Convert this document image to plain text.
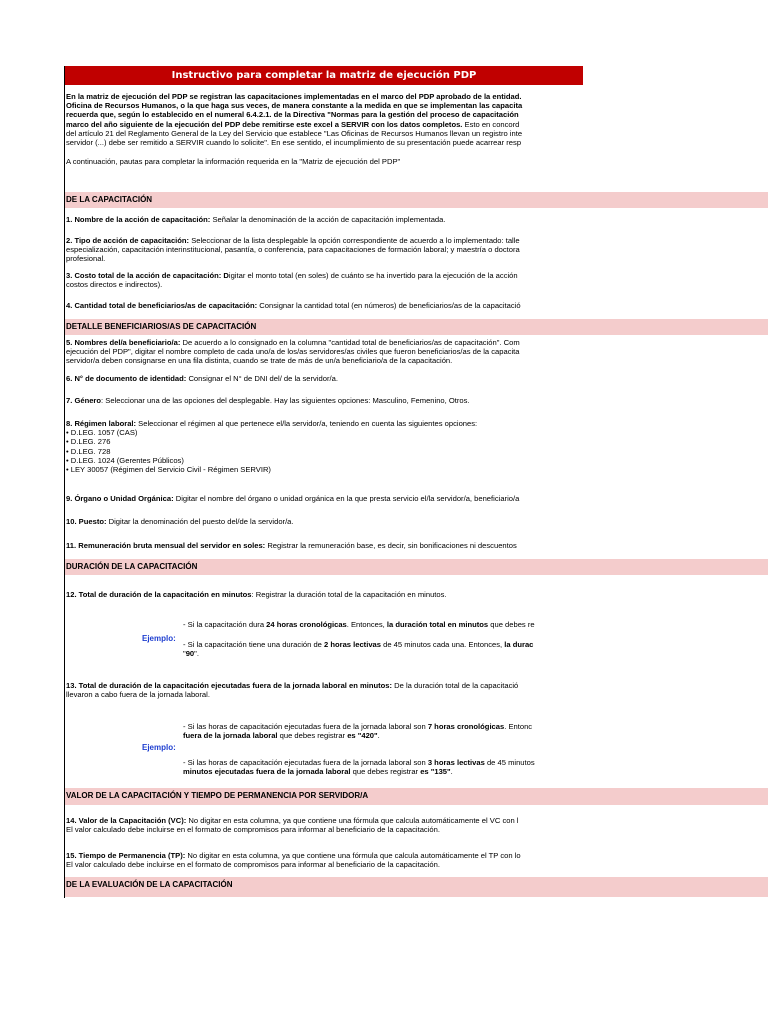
Instructivo para completar la matriz de ejecución PDP

En la matriz de ejecución del PDP se registran las capacitaciones implementadas en el marco del PDP aprobado de la entidad.

Oficina de Recursos Humanos, o la que haga sus veces, de manera constante a la medida en que se implementan las capacita

recuerda que, según lo establecido en el numeral 6.4.2.1. de la Directiva "Normas para la gestión del proceso de capacitación

marco del año siguiente de la ejecución del PDP debe remitirse este excel a SERVIR con los datos completos. Esto en concord

del artículo 21 del Reglamento General de la Ley del Servicio que establece "Las Oficinas de Recursos Humanos llevan un registro inte

servidor (...) debe ser remitido a SERVIR cuando lo solicite". En ese sentido, el incumplimiento de su presentación puede acarrear resp

A continuación, pautas para completar la información requerida en la "Matriz de ejecución del PDP"
DE LA CAPACITACIÓN
1. Nombre de la acción de capacitación: Señalar la denominación de la acción de capacitación implementada.

2. Tipo de acción de capacitación: Seleccionar de la lista desplegable la opción correspondiente de acuerdo a lo implementado: talle

especialización, capacitación interinstitucional, pasantía, o conferencia, para capacitaciones de formación laboral; y maestría o doctora

profesional.

3. Costo total de la acción de capacitación: Digitar el monto total (en soles) de cuánto se ha invertido para la ejecución de la acción

costos directos e indirectos).

4. Cantidad total de beneficiarios/as de capacitación: Consignar la cantidad total (en números) de beneficiarios/as de la capacitació
DETALLE BENEFICIARIOS/AS DE CAPACITACIÓN

5. Nombres del/a beneficiario/a: De acuerdo a lo consignado en la columna "cantidad total de beneficiarios/as de capacitación". Com

ejecución del PDP", digitar el nombre completo de cada uno/a de los/as servidores/as civiles que fueron beneficiarios/as de la capacita

servidor/a deben consignarse en una fila distinta, cuando se trate de más de un/a beneficiario/a de la capacitación.

6. N° de documento de identidad: Consignar el N° de DNI del/ de la servidor/a.
7. Género: Seleccionar una de las opciones del desplegable. Hay las siguientes opciones: Masculino, Femenino, Otros.

8. Régimen laboral: Seleccionar el régimen al que pertenece el/la servidor/a, teniendo en cuenta las siguientes opciones:

• D.LEG. 1057 (CAS)

• D.LEG. 276

• D.LEG. 728

• D.LEG. 1024 (Gerentes Públicos)

• LEY 30057 (Régimen del Servicio Civil - Régimen SERVIR)

9. Órgano o Unidad Orgánica: Digitar el nombre del órgano o unidad orgánica en la que presta servicio el/la servidor/a, beneficiario/a
10. Puesto: Digitar la denominación del puesto del/de la servidor/a.
11. Remuneración bruta mensual del servidor en soles: Registrar la remuneración base, es decir, sin bonificaciones ni descuentos
DURACIÓN DE LA CAPACITACIÓN
12. Total de duración de la capacitación en minutos: Registrar la duración total de la capacitación en minutos.
- Si la capacitación dura 24 horas cronológicas. Entonces, la duración total en minutos que debes re
Ejemplo:

- Si la capacitación tiene una duración de 2 horas lectivas de 45 minutos cada una. Entonces, la durac

"90".

13. Total de duración de la capacitación ejecutadas fuera de la jornada laboral en minutos: De la duración total de la capacitació

llevaron a cabo fuera de la jornada laboral.

- Si las horas de capacitación ejecutadas fuera de la jornada laboral son 7 horas cronológicas. Entonc

fuera de la jornada laboral que debes registrar es "420".

Ejemplo:

- Si las horas de capacitación ejecutadas fuera de la jornada laboral son 3 horas lectivas de 45 minutos

minutos ejecutadas fuera de la jornada laboral que debes registrar es "135".

VALOR DE LA CAPACITACIÓN Y TIEMPO DE PERMANENCIA POR SERVIDOR/A

14. Valor de la Capacitación (VC): No digitar en esta columna, ya que contiene una fórmula que calcula automáticamente el VC con l

El valor calculado debe incluirse en el formato de compromisos para informar al beneficiario de la capacitación.

15. Tiempo de Permanencia (TP): No digitar en esta columna, ya que contiene una fórmula que calcula automáticamente el TP con lo

El valor calculado debe incluirse en el formato de compromisos para informar al beneficiario de la capacitación.

DE LA EVALUACIÓN DE LA CAPACITACIÓN
